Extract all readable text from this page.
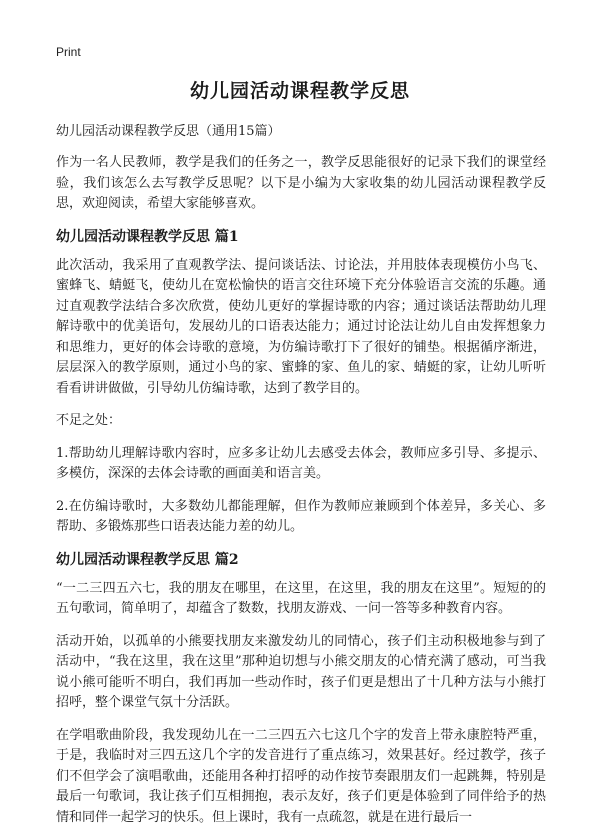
Print
幼儿园活动课程教学反思
幼儿园活动课程教学反思（通用15篇）

作为一名人民教师，教学是我们的任务之一，教学反思能很好的记录下我们的课堂经验，我们该怎么去写教学反思呢？以下是小编为大家收集的幼儿园活动课程教学反思，欢迎阅读，希望大家能够喜欢。

幼儿园活动课程教学反思 篇1

此次活动，我采用了直观教学法、提问谈话法、讨论法，并用肢体表现模仿小鸟飞、蜜蜂飞、蜻蜓飞，使幼儿在宽松愉快的语言交往环境下充分体验语言交流的乐趣。通过直观教学法结合多次欣赏，使幼儿更好的掌握诗歌的内容；通过谈话法帮助幼儿理解诗歌中的优美语句，发展幼儿的口语表达能力；通过讨论法让幼儿自由发挥想象力和思维力，更好的体会诗歌的意境，为仿编诗歌打下了很好的铺垫。根据循序渐进，层层深入的教学原则，通过小鸟的家、蜜蜂的家、鱼儿的家、蜻蜓的家，让幼儿听听看看讲讲做做，引导幼儿仿编诗歌，达到了教学目的。

不足之处：

1.帮助幼儿理解诗歌内容时，应多多让幼儿去感受去体会，教师应多引导、多提示、多模仿，深深的去体会诗歌的画面美和语言美。

2.在仿编诗歌时，大多数幼儿都能理解，但作为教师应兼顾到个体差异，多关心、多帮助、多锻炼那些口语表达能力差的幼儿。

幼儿园活动课程教学反思 篇2

“一二三四五六七，我的朋友在哪里，在这里，在这里，我的朋友在这里”。短短的的五句歌词，简单明了，却蕴含了数数，找朋友游戏、一问一答等多种教育内容。

活动开始，以孤单的小熊要找朋友来激发幼儿的同情心，孩子们主动积极地参与到了活动中，“我在这里，我在这里”那种迫切想与小熊交朋友的心情充满了感动，可当我说小熊可能听不明白，我们再加一些动作时，孩子们更是想出了十几种方法与小熊打招呼，整个课堂气氛十分活跃。

在学唱歌曲阶段，我发现幼儿在一二三四五六七这几个字的发音上带永康腔特严重，于是，我临时对三四五这几个字的发音进行了重点练习，效果甚好。经过教学，孩子们不但学会了演唱歌曲，还能用各种打招呼的动作按节奏跟朋友们一起跳舞，特别是最后一句歌词，我让孩子们互相拥抱，表示友好，孩子们更是体验到了同伴给予的热情和同伴一起学习的快乐。但上课时，我有一点疏忽，就是在进行最后一
